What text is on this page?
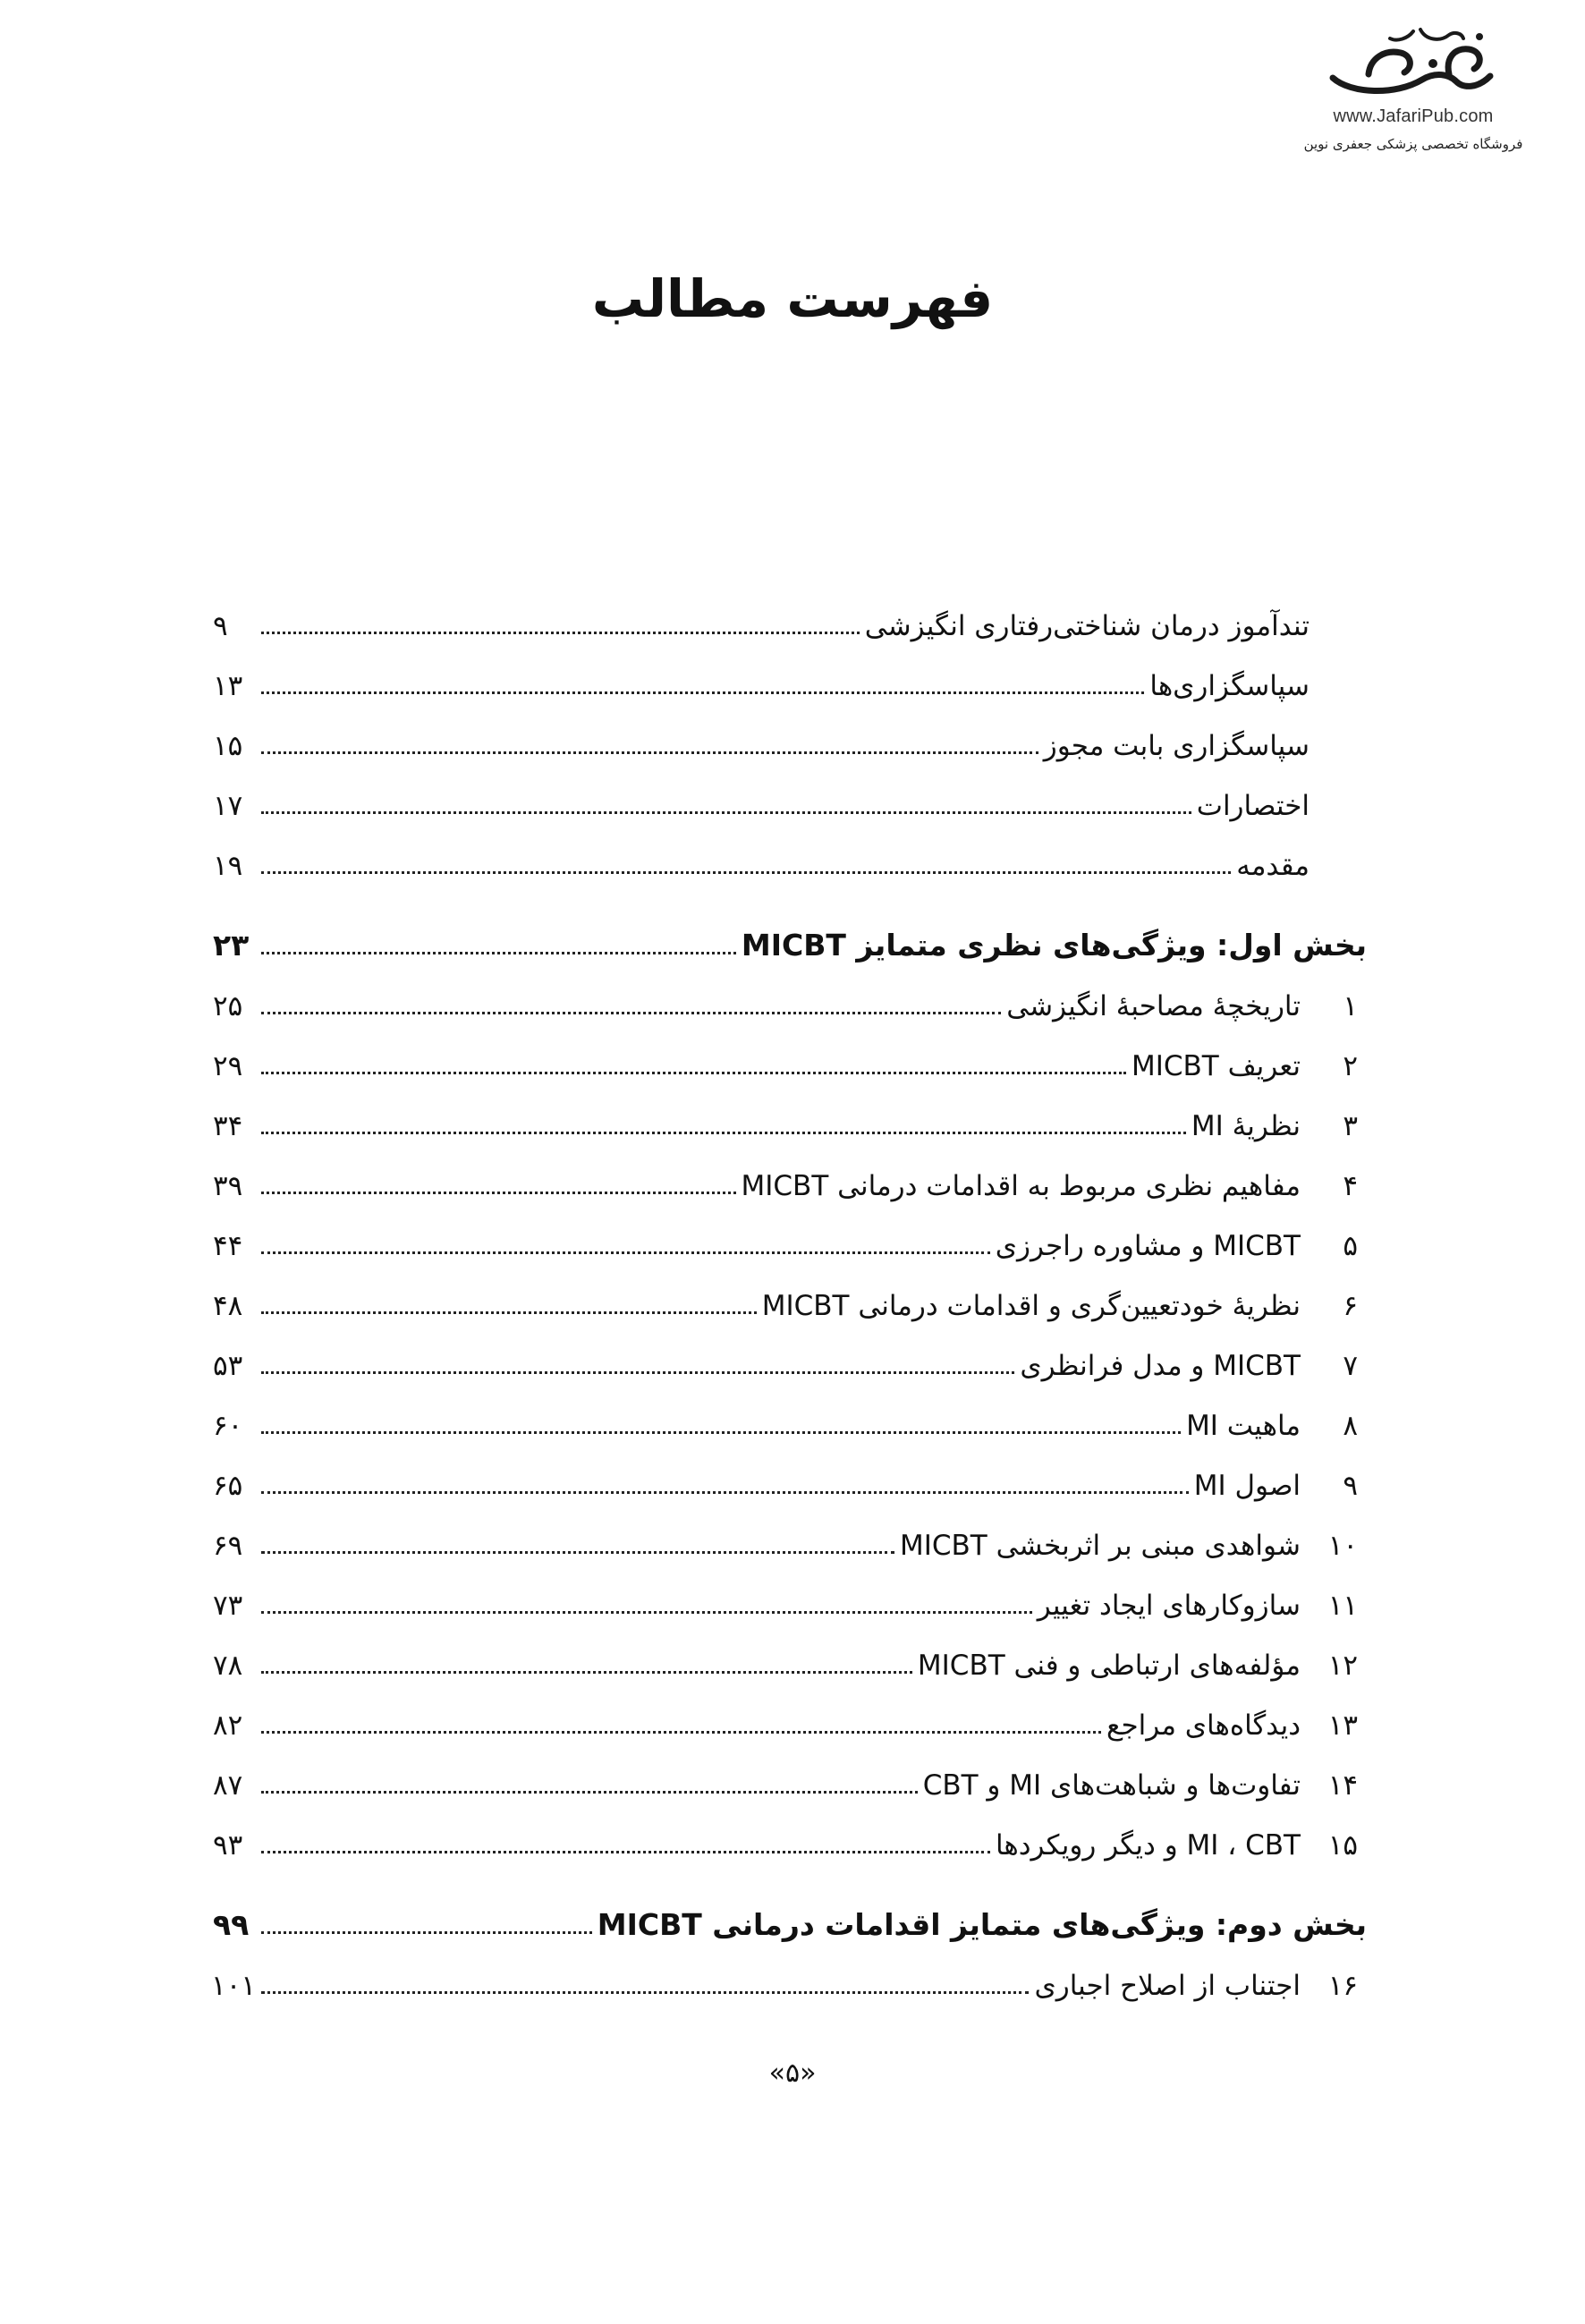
www.JafariPub.com
فروشگاه تخصصی پزشکی جعفری نوین
فهرست مطالب
تندآموز درمان شناختی‌رفتاری انگیزشی
۹
سپاسگزاری‌ها
۱۳
سپاسگزاری بابت مجوز
۱۵
اختصارات
۱۷
مقدمه
۱۹
بخش اول: ویژگی‌های نظری متمایز MICBT
۲۳
۱
تاریخچهٔ مصاحبهٔ انگیزشی
۲۵
۲
تعریف MICBT
۲۹
۳
نظریهٔ MI
۳۴
۴
مفاهیم نظری مربوط به اقدامات درمانی MICBT
۳۹
۵
MICBT و مشاوره راجرزی
۴۴
۶
نظریهٔ خودتعیین‌گری و اقدامات درمانی MICBT
۴۸
۷
MICBT و مدل فرانظری
۵۳
۸
ماهیت MI
۶۰
۹
اصول MI
۶۵
۱۰
شواهدی مبنی بر اثربخشی MICBT
۶۹
۱۱
سازوکارهای ایجاد تغییر
۷۳
۱۲
مؤلفه‌های ارتباطی و فنی MICBT
۷۸
۱۳
دیدگاه‌های مراجع
۸۲
۱۴
تفاوت‌ها و شباهت‌های MI و CBT
۸۷
۱۵
MI ، CBT و دیگر رویکردها
۹۳
بخش دوم: ویژگی‌های متمایز اقدامات درمانی MICBT
۹۹
۱۶
اجتناب از اصلاح اجباری
۱۰۱
«۵»
